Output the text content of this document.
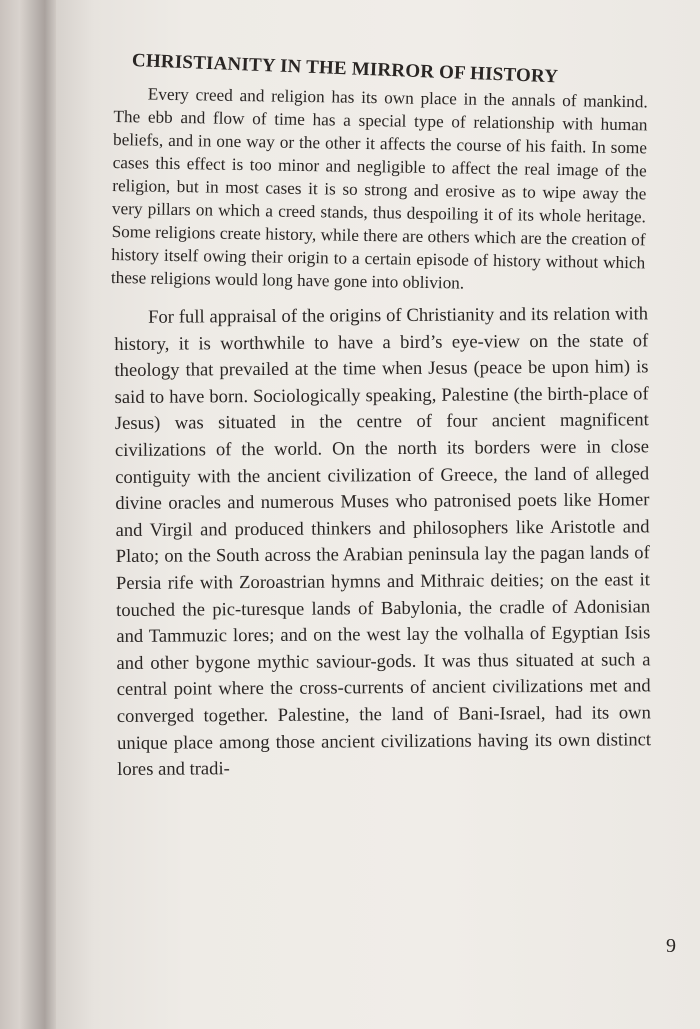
CHRISTIANITY IN THE MIRROR OF HISTORY

Every creed and religion has its own place in the annals of mankind. The ebb and flow of time has a special type of relationship with human beliefs, and in one way or the other it affects the course of his faith. In some cases this effect is too minor and negligible to affect the real image of the religion, but in most cases it is so strong and erosive as to wipe away the very pillars on which a creed stands, thus despoiling it of its whole heritage. Some religions create history, while there are others which are the creation of history itself owing their origin to a certain episode of history without which these religions would long have gone into oblivion.

For full appraisal of the origins of Christianity and its relation with history, it is worthwhile to have a bird’s eye-view on the state of theology that prevailed at the time when Jesus (peace be upon him) is said to have born. Sociologically speaking, Palestine (the birth-place of Jesus) was situated in the centre of four ancient magnificent civilizations of the world. On the north its borders were in close contiguity with the ancient civilization of Greece, the land of alleged divine oracles and numerous Muses who patronised poets like Homer and Virgil and produced thinkers and philosophers like Aristotle and Plato; on the South across the Arabian peninsula lay the pagan lands of Persia rife with Zoroastrian hymns and Mithraic deities; on the east it touched the pic-turesque lands of Babylonia, the cradle of Adonisian and Tammuzic lores; and on the west lay the volhalla of Egyptian Isis and other bygone mythic saviour-gods. It was thus situated at such a central point where the cross-currents of ancient civilizations met and converged together. Palestine, the land of Bani-Israel, had its own unique place among those ancient civilizations having its own distinct lores and tradi-

9
